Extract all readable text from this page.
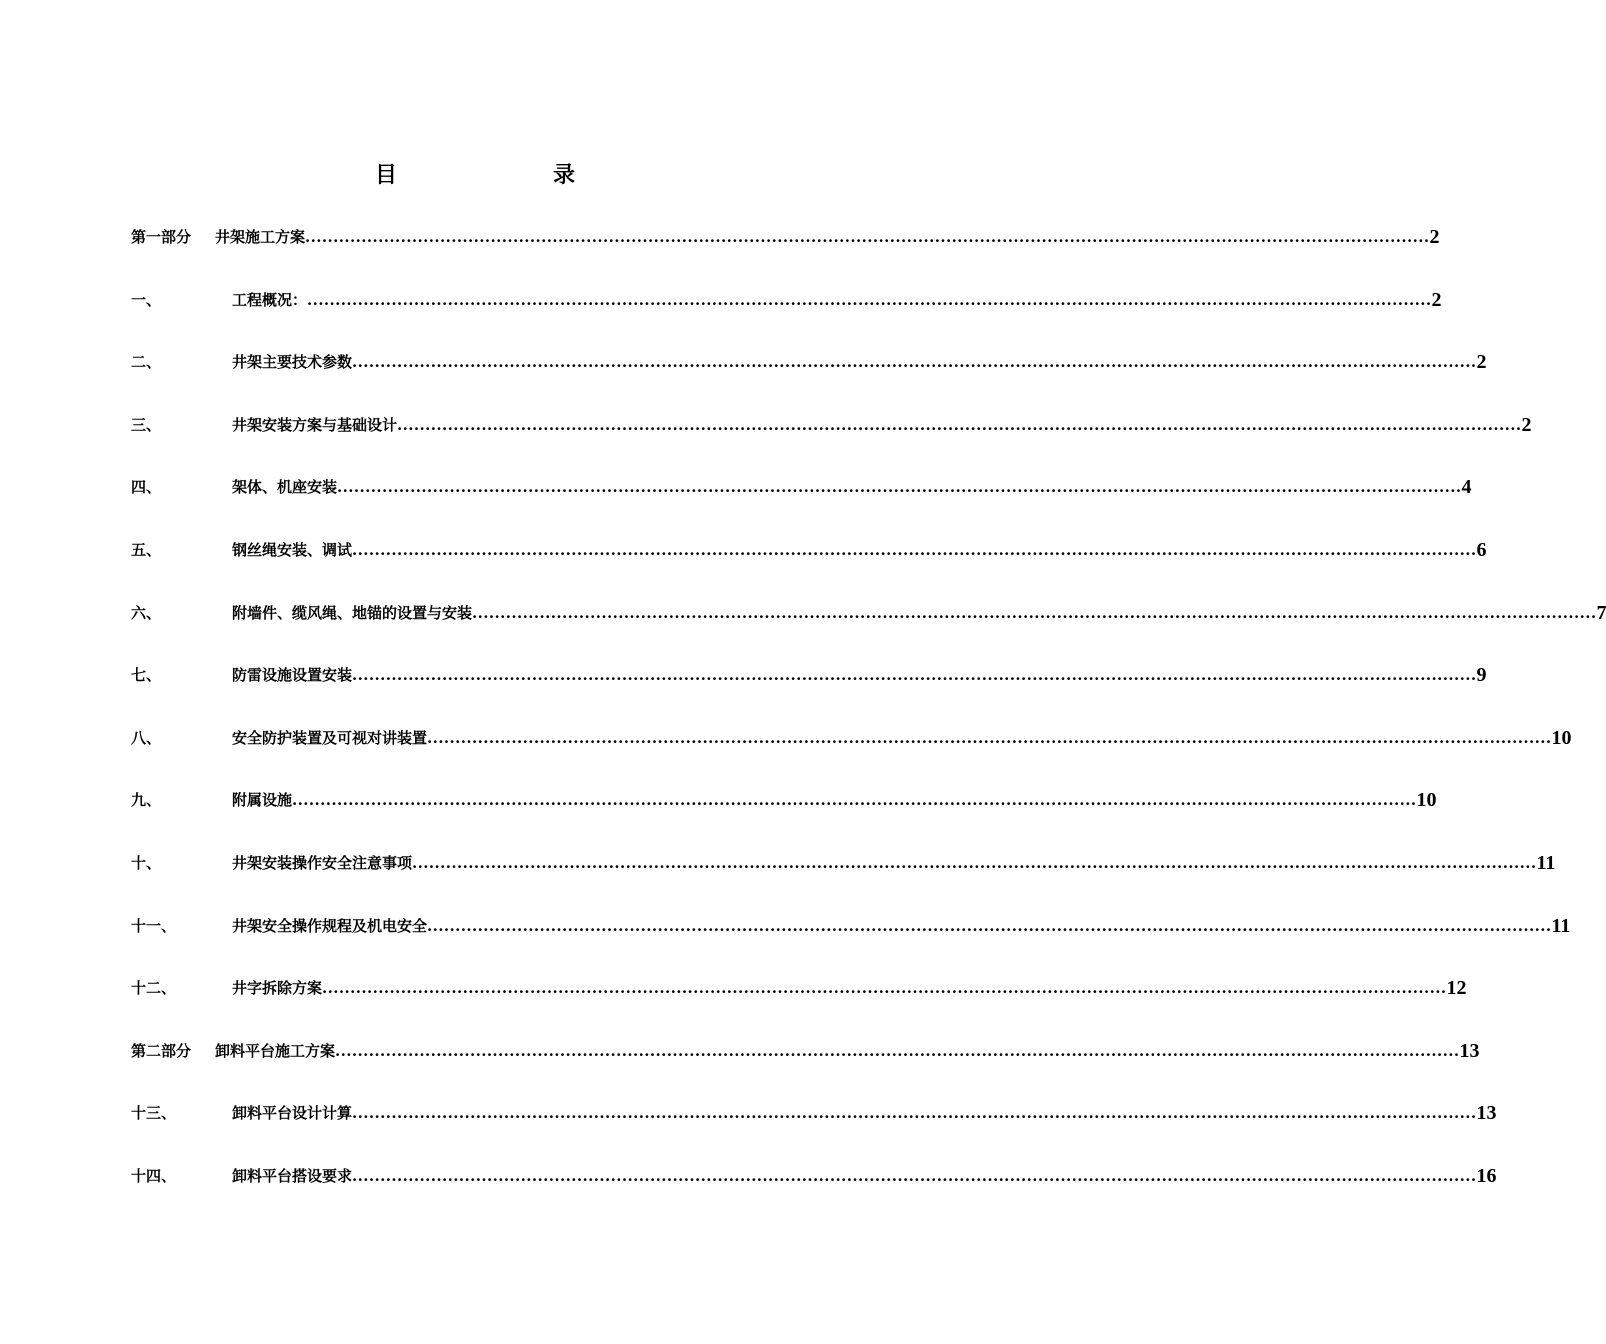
目	录
第一部分	井架施工方案 ........................................................................................................................................................................................................ 2
一、	工程概况： ........................................................................................................................................................................................................ 2
二、	井架主要技术参数 ........................................................................................................................................................................................................ 2
三、	井架安装方案与基础设计 ........................................................................................................................................................................................................ 2
四、	架体、机座安装 ........................................................................................................................................................................................................ 4
五、	钢丝绳安装、调试 ........................................................................................................................................................................................................ 6
六、	附墙件、缆风绳、地锚的设置与安装 ........................................................................................................................................................................................................ 7
七、	防雷设施设置安装 ........................................................................................................................................................................................................ 9
八、	安全防护装置及可视对讲装置 ........................................................................................................................................................................................................ 10
九、	附属设施 ........................................................................................................................................................................................................ 10
十、	井架安装操作安全注意事项 ........................................................................................................................................................................................................ 11
十一、	井架安全操作规程及机电安全 ........................................................................................................................................................................................................ 11
十二、	井字拆除方案 ........................................................................................................................................................................................................ 12
第二部分	卸料平台施工方案 ........................................................................................................................................................................................................ 13
十三、	卸料平台设计计算 ........................................................................................................................................................................................................ 13
十四、	卸料平台搭设要求 ........................................................................................................................................................................................................ 16
